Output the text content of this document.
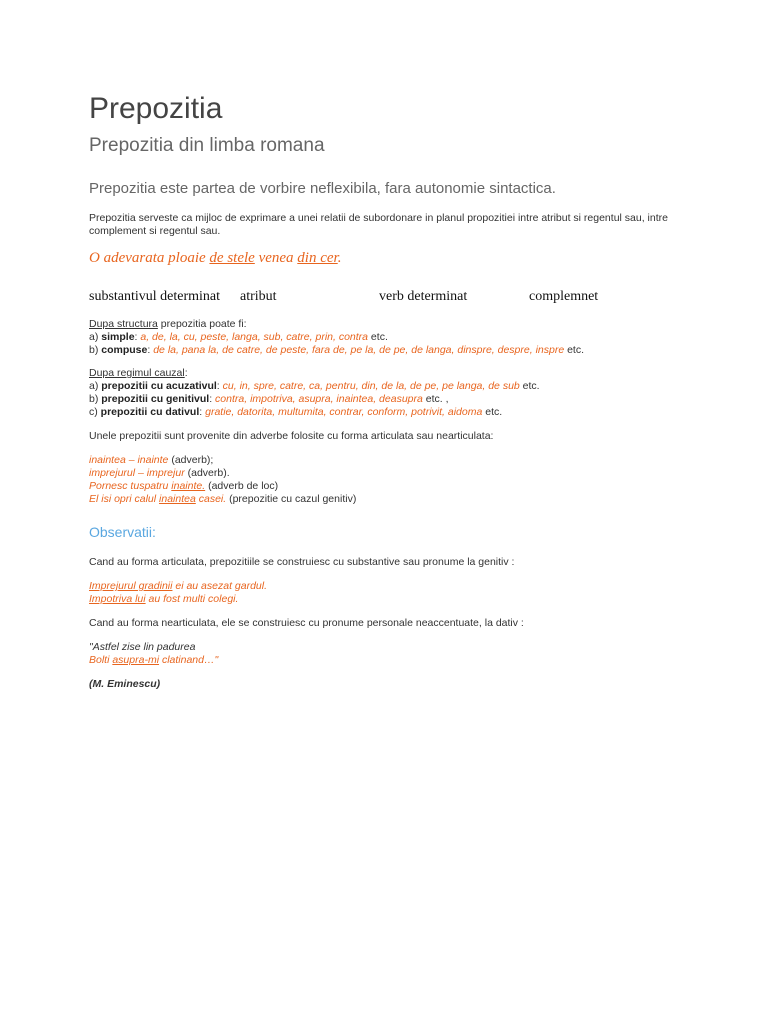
Prepozitia
Prepozitia din limba romana
Prepozitia este partea de vorbire neflexibila, fara autonomie sintactica.
Prepozitia serveste ca mijloc de exprimare a unei relatii de subordonare in planul propozitiei intre atribut si regentul sau, intre
complement si regentul sau.
O adevarata ploaie de stele venea din cer.
substantivul determinat atribut	verb determinat	complemnet
Dupa structura prepozitia poate fi:
a) simple: a, de, la, cu, peste, langa, sub, catre, prin, contra etc.
b) compuse: de la, pana la, de catre, de peste, fara de, pe la, de pe, de langa, dinspre, despre, inspre etc.
Dupa regimul cauzal:
a) prepozitii cu acuzativul: cu, in, spre, catre, ca, pentru, din, de la, de pe, pe langa, de sub etc.
b) prepozitii cu genitivul: contra, impotriva, asupra, inaintea, deasupra etc. ,
c) prepozitii cu dativul: gratie, datorita, multumita, contrar, conform, potrivit, aidoma etc.
Unele prepozitii sunt provenite din adverbe folosite cu forma articulata sau nearticulata:
inaintea – inainte (adverb);
imprejurul – imprejur (adverb).
Pornesc tuspatru inainte. (adverb de loc)
El isi opri calul inaintea casei. (prepozitie cu cazul genitiv)
Observatii:
Cand au forma articulata, prepozitiile se construiesc cu substantive sau pronume la genitiv :
Imprejurul gradinii ei au asezat gardul.
Impotriva lui au fost multi colegi.
Cand au forma nearticulata, ele se construiesc cu pronume personale neaccentuate, la dativ :
"Astfel zise lin padurea
Bolti asupra-mi clatinand…"
(M. Eminescu)
